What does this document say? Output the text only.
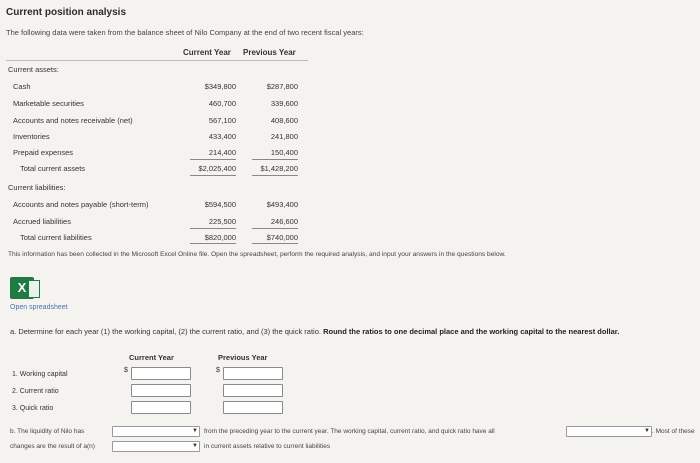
Current position analysis
The following data were taken from the balance sheet of Nilo Company at the end of two recent fiscal years:
Current Year Previous Year
Current assets:
Cash	$349,800	$287,800
Marketable securities	460,700	339,600
Accounts and notes receivable (net)	567,100	408,600
Inventories	433,400	241,800
Prepaid expenses	214,400	150,400
Total current assets	$2,025,400	$1,428,200
Current liabilities:
Accounts and notes payable (short-term)	$594,500	$493,400
Accrued liabilities	225,500	246,600
Total current liabilities	$820,000	$740,000
This information has been collected in the Microsoft Excel Online file. Open the spreadsheet, perform the required analysis, and input your answers in the questions below.
X
Open spreadsheet
a. Determine for each year (1) the working capital, (2) the current ratio, and (3) the quick ratio. Round the ratios to one decimal place and the working capital to the nearest dollar.
Current Year	Previous Year
1. Working capital
$	$
2. Current ratio
3. Quick ratio
b. The liquidity of Nilo has	▼ from the preceding year to the current year. The working capital, current ratio, and quick ratio have all	▼ . Most of these
changes are the result of a(n)	▼ in current assets relative to current liabilities
